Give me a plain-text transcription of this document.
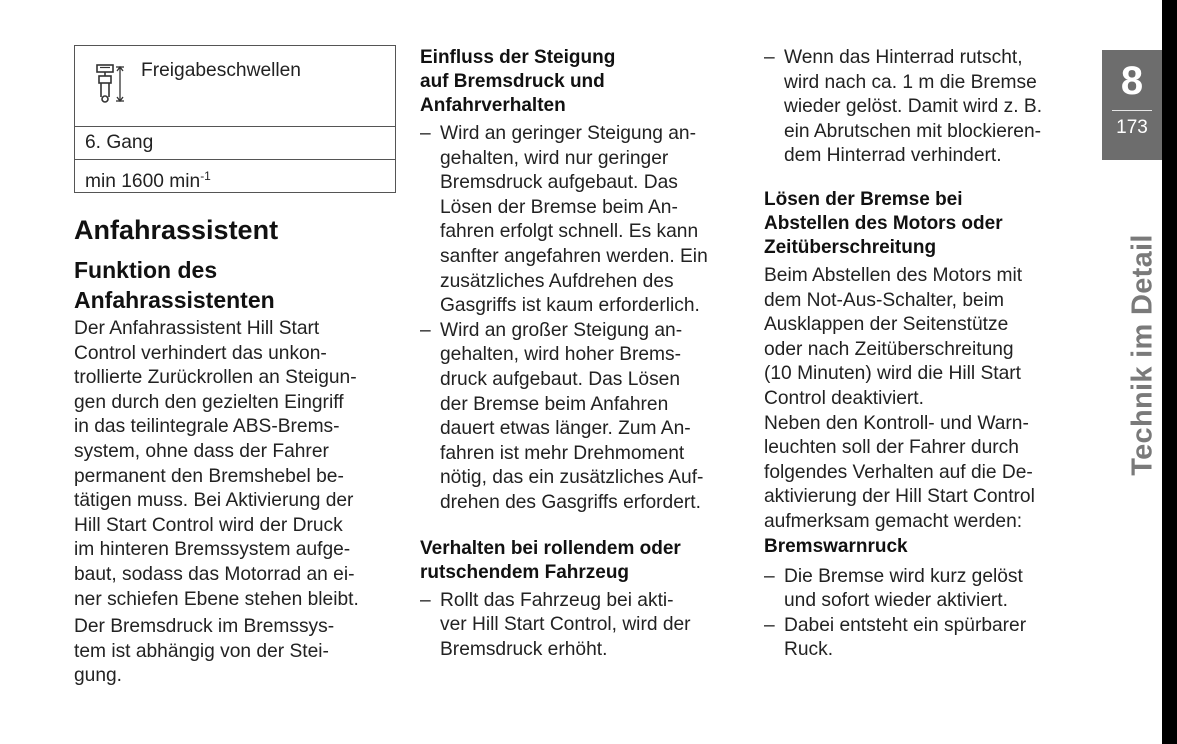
Freigabeschwellen
6. Gang
min 1600 $\min^{-1}$
Anfahrassistent
Funktion des Anfahrassistenten
Der Anfahrassistent Hill Start
Control verhindert das unkon-
trollierte Zurückrollen an Steigun-
gen durch den gezielten Eingriff
in das teilintegrale ABS-Brems-
system, ohne dass der Fahrer
permanent den Bremshebel be-
tätigen muss. Bei Aktivierung der
Hill Start Control wird der Druck
im hinteren Bremssystem aufge-
baut, sodass das Motorrad an ei-
ner schiefen Ebene stehen bleibt.
Der Bremsdruck im Bremssys-
tem ist abhängig von der Stei-
gung.
Einfluss der Steigung
auf Bremsdruck und
Anfahrverhalten
– Wird an geringer Steigung an-
gehalten, wird nur geringer
Bremsdruck aufgebaut. Das
Lösen der Bremse beim An-
fahren erfolgt schnell. Es kann
sanfter angefahren werden. Ein
zusätzliches Aufdrehen des
Gasgriffs ist kaum erforderlich.
– Wird an großer Steigung an-
gehalten, wird hoher Brems-
druck aufgebaut. Das Lösen
der Bremse beim Anfahren
dauert etwas länger. Zum An-
fahren ist mehr Drehmoment
nötig, das ein zusätzliches Auf-
drehen des Gasgriffs erfordert.
Verhalten bei rollendem oder
rutschendem Fahrzeug
– Rollt das Fahrzeug bei akti-
ver Hill Start Control, wird der
Bremsdruck erhöht.
– Wenn das Hinterrad rutscht,
wird nach ca. 1 m die Bremse
wieder gelöst. Damit wird z. B.
ein Abrutschen mit blockieren-
dem Hinterrad verhindert.
Lösen der Bremse bei
Abstellen des Motors oder
Zeitüberschreitung
Beim Abstellen des Motors mit
dem Not-Aus-Schalter, beim
Ausklappen der Seitenstütze
oder nach Zeitüberschreitung
(10 Minuten) wird die Hill Start
Control deaktiviert.
Neben den Kontroll- und Warn-
leuchten soll der Fahrer durch
folgendes Verhalten auf die De-
aktivierung der Hill Start Control
aufmerksam gemacht werden:
Bremswarnruck
– Die Bremse wird kurz gelöst
und sofort wieder aktiviert.
– Dabei entsteht ein spürbarer
Ruck.
8
173
Technik im Detail
